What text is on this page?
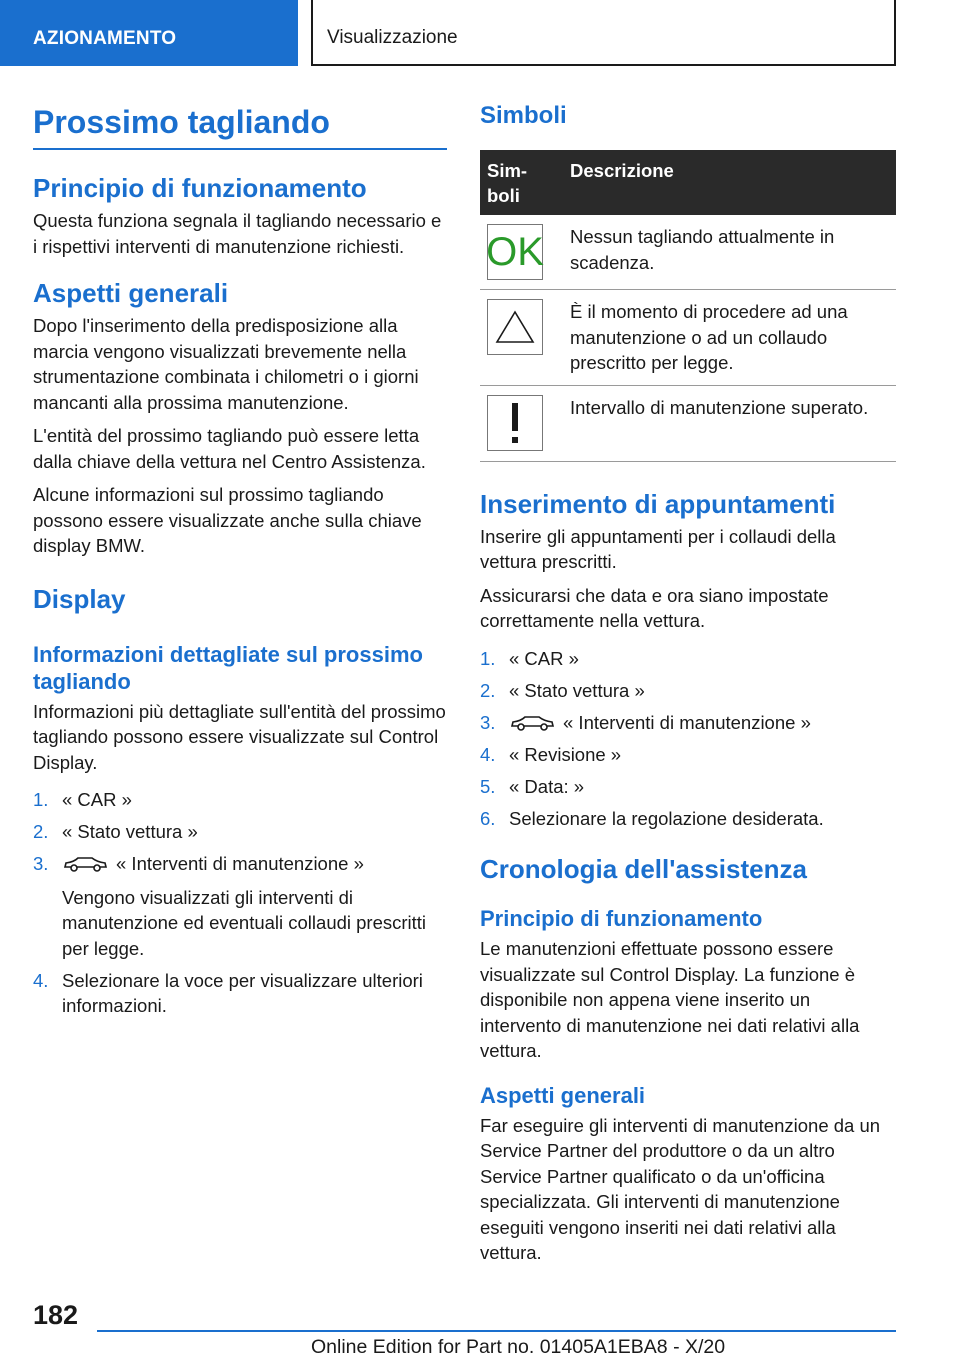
AZIONAMENTO	Visualizzazione
Prossimo tagliando
Principio di funzionamento
Questa funziona segnala il tagliando necessario e i rispettivi interventi di manutenzione richiesti.
Aspetti generali
Dopo l'inserimento della predisposizione alla marcia vengono visualizzati brevemente nella strumentazione combinata i chilometri o i giorni mancanti alla prossima manutenzione.
L'entità del prossimo tagliando può essere letta dalla chiave della vettura nel Centro Assistenza.
Alcune informazioni sul prossimo tagliando possono essere visualizzate anche sulla chiave display BMW.
Display
Informazioni dettagliate sul prossimo tagliando
Informazioni più dettagliate sull'entità del prossimo tagliando possono essere visualizzate sul Control Display.
1. « CAR »
2. « Stato vettura »
3.	« Interventi di manutenzione »
Vengono visualizzati gli interventi di manutenzione ed eventuali collaudi prescritti per legge.
4. Selezionare la voce per visualizzare ulteriori informazioni.
Simboli
Sim-boli	Descrizione

OK	Nessun tagliando attualmente in scadenza.

	È il momento di procedere ad una manutenzione o ad un collaudo prescritto per legge.

	Intervallo di manutenzione superato.
Inserimento di appuntamenti
Inserire gli appuntamenti per i collaudi della vettura prescritti.
Assicurarsi che data e ora siano impostate correttamente nella vettura.
1. « CAR »
2. « Stato vettura »
3.	« Interventi di manutenzione »
4. « Revisione »
5. « Data: »
6. Selezionare la regolazione desiderata.
Cronologia dell'assistenza
Principio di funzionamento
Le manutenzioni effettuate possono essere visualizzate sul Control Display. La funzione è disponibile non appena viene inserito un intervento di manutenzione nei dati relativi alla vettura.
Aspetti generali
Far eseguire gli interventi di manutenzione da un Service Partner del produttore o da un altro Service Partner qualificato o da un'officina specializzata. Gli interventi di manutenzione eseguiti vengono inseriti nei dati relativi alla vettura.
182
Online Edition for Part no. 01405A1EBA8 - X/20
